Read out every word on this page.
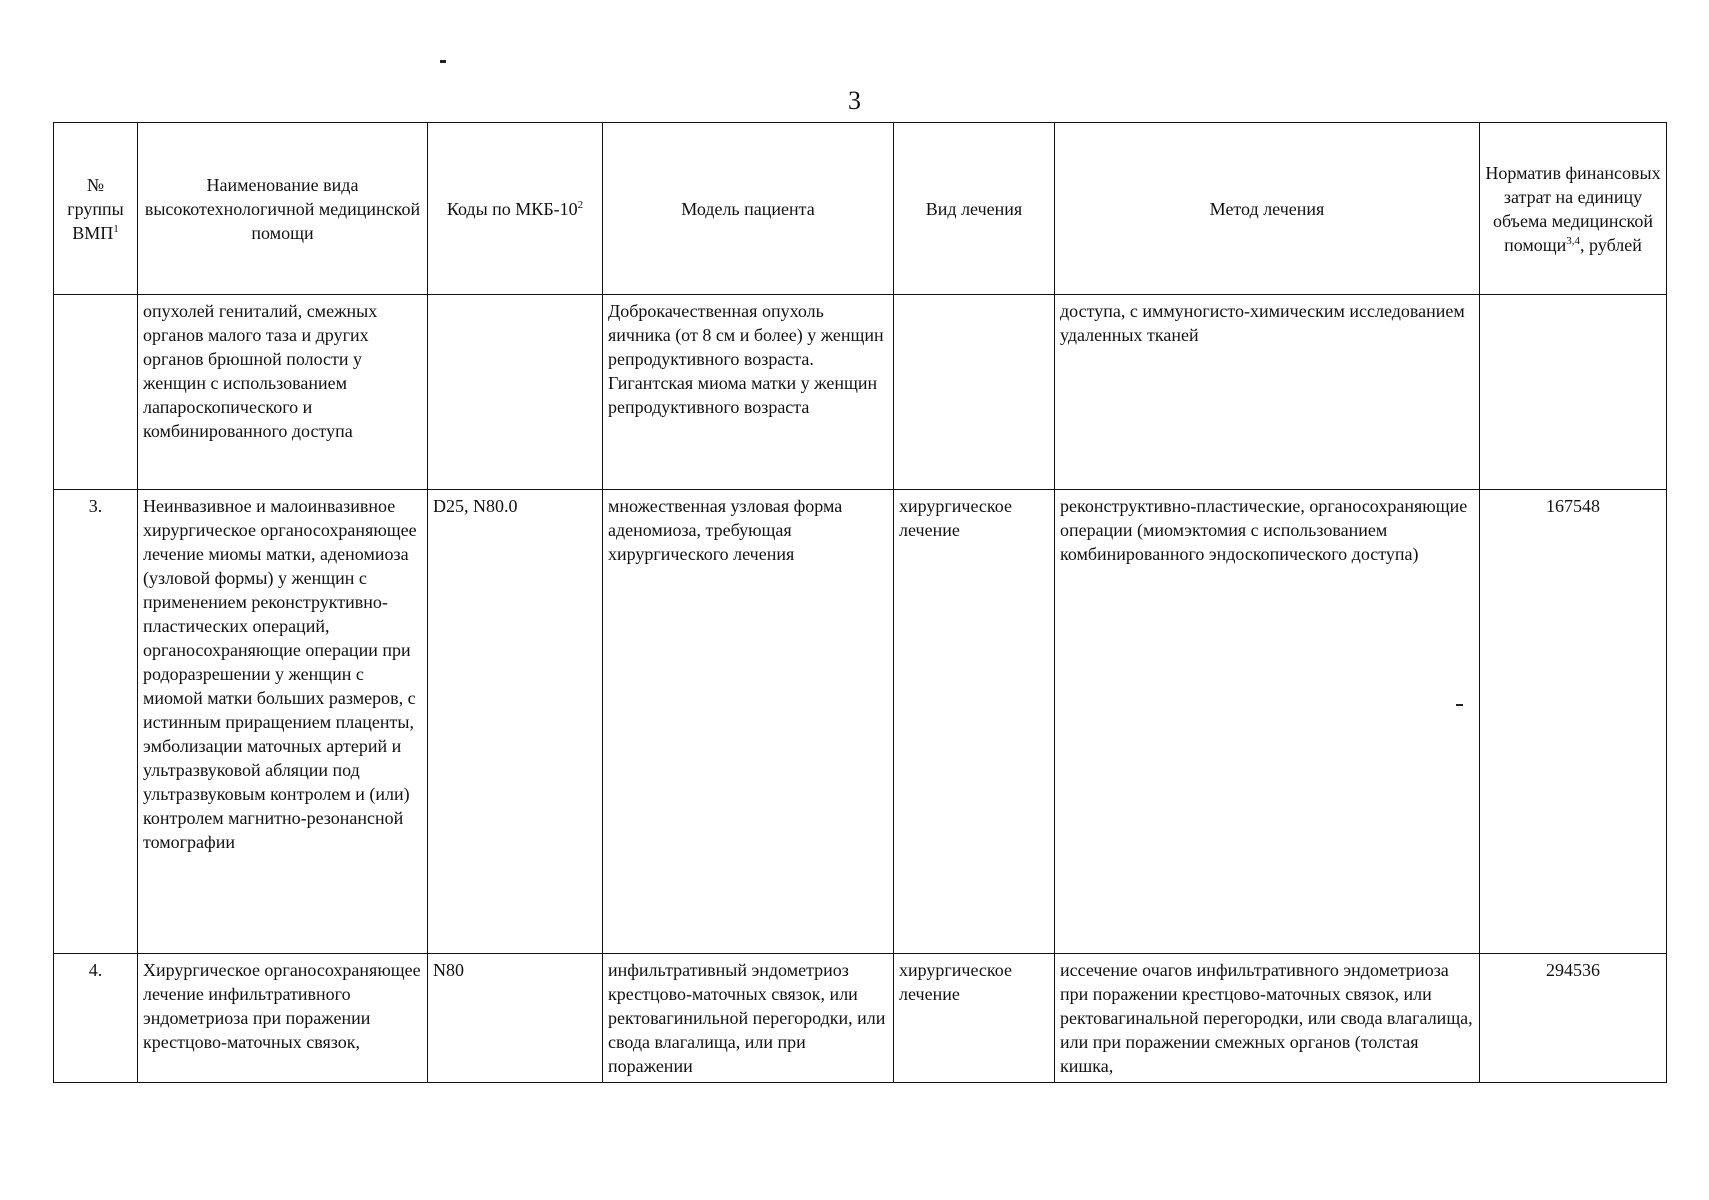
3
№ группы ВМП$^1$	Наименование вида высокотехнологичной медицинской помощи	Коды по МКБ-$10^2$	Модель пациента	Вид лечения	Метод лечения	Норматив финансовых затрат на единицу объема медицинской помощи$^{3,4}$, рублей
	опухолей гениталий, смежных органов малого таза и других органов брюшной полости у женщин с использованием лапароскопического и комбинированного доступа		Доброкачественная опухоль яичника (от 8 см и более) у женщин репродуктивного возраста. Гигантская миома матки у женщин репродуктивного возраста		доступа, с иммуногисто-химическим исследованием удаленных тканей	
3.	Неинвазивное и малоинвазивное хирургическое органосохраняющее лечение миомы матки, аденомиоза (узловой формы) у женщин с применением реконструктивно-пластических операций, органосохраняющие операции при родоразрешении у женщин с миомой матки больших размеров, с истинным приращением плаценты, эмболизации маточных артерий и ультразвуковой абляции под ультразвуковым контролем и (или) контролем магнитно-резонансной томографии	D25, N80.0	множественная узловая форма аденомиоза, требующая хирургического лечения	хирургическое лечение	реконструктивно-пластические, органосохраняющие операции (миомэктомия с использованием комбинированного эндоскопического доступа)	167548
4.	Хирургическое органосохраняющее лечение инфильтративного эндометриоза при поражении крестцово-маточных связок,	N80	инфильтративный эндометриоз крестцово-маточных связок, или ректовагинильной перегородки, или свода влагалища, или при поражении	хирургическое лечение	иссечение очагов инфильтративного эндометриоза при поражении крестцово-маточных связок, или ректовагинальной перегородки, или свода влагалища, или при поражении смежных органов (толстая кишка,	294536
